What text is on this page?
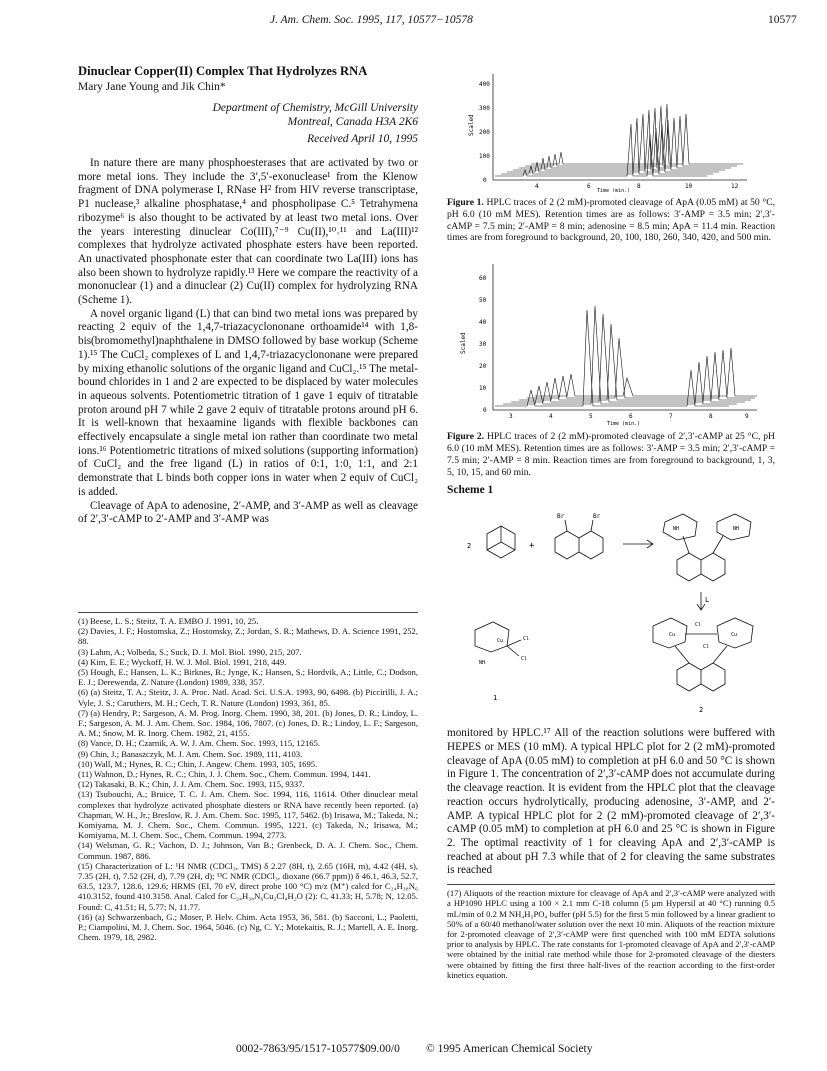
J. Am. Chem. Soc. 1995, 117, 10577−10578	10577
Dinuclear Copper(II) Complex That Hydrolyzes RNA
Mary Jane Young and Jik Chin*
Department of Chemistry, McGill University
Montreal, Canada H3A 2K6
Received April 10, 1995

In nature there are many phosphoesterases that are activated by two or more metal ions. They include the 3′,5′-exonuclease¹ from the Klenow fragment of DNA polymerase I, RNase H² from HIV reverse transcriptase, P1 nuclease,³ alkaline phosphatase,⁴ and phospholipase C.⁵ Tetrahymena ribozyme⁶ is also thought to be activated by at least two metal ions. Over the years interesting dinuclear Co(III),⁷⁻⁹ Cu(II),¹⁰˒¹¹ and La(III)¹² complexes that hydrolyze activated phosphate esters have been reported. An unactivated phosphonate ester that can coordinate two La(III) ions has also been shown to hydrolyze rapidly.¹³ Here we compare the reactivity of a mononuclear (1) and a dinuclear (2) Cu(II) complex for hydrolyzing RNA (Scheme 1).

A novel organic ligand (L) that can bind two metal ions was prepared by reacting 2 equiv of the 1,4,7-triazacyclononane orthoamide¹⁴ with 1,8-bis(bromomethyl)naphthalene in DMSO followed by base workup (Scheme 1).¹⁵ The CuCl₂ complexes of L and 1,4,7-triazacyclononane were prepared by mixing ethanolic solutions of the organic ligand and CuCl₂.¹⁵ The metal-bound chlorides in 1 and 2 are expected to be displaced by water molecules in aqueous solvents. Potentiometric titration of 1 gave 1 equiv of titratable proton around pH 7 while 2 gave 2 equiv of titratable protons around pH 6. It is well-known that hexaamine ligands with flexible backbones can effectively encapsulate a single metal ion rather than coordinate two metal ions.¹⁶ Potentiometric titrations of mixed solutions (supporting information) of CuCl₂ and the free ligand (L) in ratios of 0:1, 1:0, 1:1, and 2:1 demonstrate that L binds both copper ions in water when 2 equiv of CuCl₂ is added.

Cleavage of ApA to adenosine, 2′-AMP, and 3′-AMP as well as cleavage of 2′,3′-cAMP to 2′-AMP and 3′-AMP was

(1) Beese, L. S.; Steitz, T. A. EMBO J. 1991, 10, 25.
(2) Davies, J. F.; Hostomska, Z.; Hostomsky, Z.; Jordan, S. R.; Mathews, D. A. Science 1991, 252, 88.
(3) Lahm, A.; Volbeda, S.; Suck, D. J. Mol. Biol. 1990, 215, 207.
(4) Kim, E. E.; Wyckoff, H. W. J. Mol. Biol. 1991, 218, 449.
(5) Hough, E.; Hansen, L. K.; Birknes, B.; Jynge, K.; Hansen, S.; Hordvik, A.; Little, C.; Dodson, E. J.; Derewenda, Z. Nature (London) 1989, 338, 357.
(6) (a) Steitz, T. A.; Steitz, J. A. Proc. Natl. Acad. Sci. U.S.A. 1993, 90, 6498. (b) Piccirilli, J. A.; Vyle, J. S.; Caruthers, M. H.; Cech, T. R. Nature (London) 1993, 361, 85.
(7) (a) Hendry, P.; Sargeson, A. M. Prog. Inorg. Chem. 1990, 38, 201. (b) Jones, D. R.; Lindoy, L. F.; Sargeson, A. M. J. Am. Chem. Soc. 1984, 106, 7807. (c) Jones, D. R.; Lindoy, L. F.; Sargeson, A. M.; Snow, M. R. Inorg. Chem. 1982, 21, 4155.
(8) Vance, D. H.; Czarnik, A. W. J. Am. Chem. Soc. 1993, 115, 12165.
(9) Chin, J.; Banaszczyk, M. J. Am. Chem. Soc. 1989, 111, 4103.
(10) Wall, M.; Hynes, R. C.; Chin, J. Angew. Chem. 1993, 105, 1695.
(11) Wahnon, D.; Hynes, R. C.; Chin, J. J. Chem. Soc., Chem. Commun. 1994, 1441.
(12) Takasaki, B. K.; Chin, J. J. Am. Chem. Soc. 1993, 115, 9337.
(13) Tsubouchi, A.; Bruice, T. C. J. Am. Chem. Soc. 1994, 116, 11614. Other dinuclear metal complexes that hydrolyze activated phosphate diesters or RNA have recently been reported. (a) Chapman, W. H., Jr.; Breslow, R. J. Am. Chem. Soc. 1995, 117, 5462. (b) Irisawa, M.; Takeda, N.; Komiyama, M. J. Chem. Soc., Chem. Commun. 1995, 1221. (c) Takeda, N.; Irisawa, M.; Komiyama, M. J. Chem. Soc., Chem. Commun. 1994, 2773.
(14) Welsman, G. R.; Vachon, D. J.; Johnson, Van B.; Grenbeck, D. A. J. Chem. Soc., Chem. Commun. 1987, 886.
(15) Characterization of L: ¹H NMR (CDCl₃, TMS) δ 2.27 (8H, t), 2.65 (16H, m), 4.42 (4H, s), 7.35 (2H, t), 7.52 (2H, d), 7.79 (2H, d); ¹³C NMR (CDCl₃, dioxane (66.7 ppm)) δ 46.1, 46.3, 52.7, 63.5, 123.7, 128.6, 129.6; HRMS (EI, 70 eV, direct probe 100 °C) m/z (M⁺) calcd for C₂₄H₃₈N₆ 410.3152, found 410.3158. Anal. Calcd for C₂₄H₃₈N₆Cu₂Cl₄H₂O (2): C, 41.33; H, 5.78; N, 12.05. Found: C, 41.51; H, 5.77; N, 11.77.
(16) (a) Schwarzenbach, G.; Moser, P. Helv. Chim. Acta 1953, 36, 581. (b) Sacconi, L.; Paoletti, P.; Ciampolini, M. J. Chem. Soc. 1964, 5046. (c) Ng, C. Y.; Motekaitis, R. J.; Martell, A. E. Inorg. Chem. 1979, 18, 2982.
Scaled
0
100
200
300
400
4	6	8	10	12
Time (min.)
Figure 1. HPLC traces of 2 (2 mM)-promoted cleavage of ApA (0.05 mM) at 50 °C, pH 6.0 (10 mM MES). Retention times are as follows: 3′-AMP = 3.5 min; 2′,3′-cAMP = 7.5 min; 2′-AMP = 8 min; adenosine = 8.5 min; ApA = 11.4 min. Reaction times are from foreground to background, 20, 100, 180, 260, 340, 420, and 500 min.
Scaled
0
10
20
30
40
50
60
3	4	5	6	7	8	9
Time (min.)
Figure 2. HPLC traces of 2 (2 mM)-promoted cleavage of 2′,3′-cAMP at 25 °C, pH 6.0 (10 mM MES). Retention times are as follows: 3′-AMP = 3.5 min; 2′,3′-cAMP = 7.5 min; 2′-AMP = 8 min. Reaction times are from foreground to background, 1, 3, 5, 10, 15, and 60 min.
Scheme 1
2	+
Br	Br
NH	NH
L
Cu	Cl
Cl
NH
Cu	Cu
Cl
Cl
1
2

monitored by HPLC.¹⁷ All of the reaction solutions were buffered with HEPES or MES (10 mM). A typical HPLC plot for 2 (2 mM)-promoted cleavage of ApA (0.05 mM) to completion at pH 6.0 and 50 °C is shown in Figure 1. The concentration of 2′,3′-cAMP does not accumulate during the cleavage reaction. It is evident from the HPLC plot that the cleavage reaction occurs hydrolytically, producing adenosine, 3′-AMP, and 2′-AMP. A typical HPLC plot for 2 (2 mM)-promoted cleavage of 2′,3′-cAMP (0.05 mM) to completion at pH 6.0 and 25 °C is shown in Figure 2. The optimal reactivity of 1 for cleaving ApA and 2′,3′-cAMP is reached at about pH 7.3 while that of 2 for cleaving the same substrates is reached

(17) Aliquots of the reaction mixture for cleavage of ApA and 2′,3′-cAMP were analyzed with a HP1090 HPLC using a 100 × 2.1 mm C-18 column (5 μm Hypersil at 40 °C) running 0.5 mL/min of 0.2 M NH₄H₂PO₄ buffer (pH 5.5) for the first 5 min followed by a linear gradient to 50% of a 60/40 methanol/water solution over the next 10 min. Aliquots of the reaction mixture for 2-promoted cleavage of 2′,3′-cAMP were first quenched with 100 mM EDTA solutions prior to analysis by HPLC. The rate constants for 1-promoted cleavage of ApA and 2′,3′-cAMP were obtained by the initial rate method while those for 2-promoted cleavage of the diesters were obtained by fitting the first three half-lives of the reaction according to the first-order kinetics equation.
0002-7863/95/1517-10577$09.00/0 © 1995 American Chemical Society
